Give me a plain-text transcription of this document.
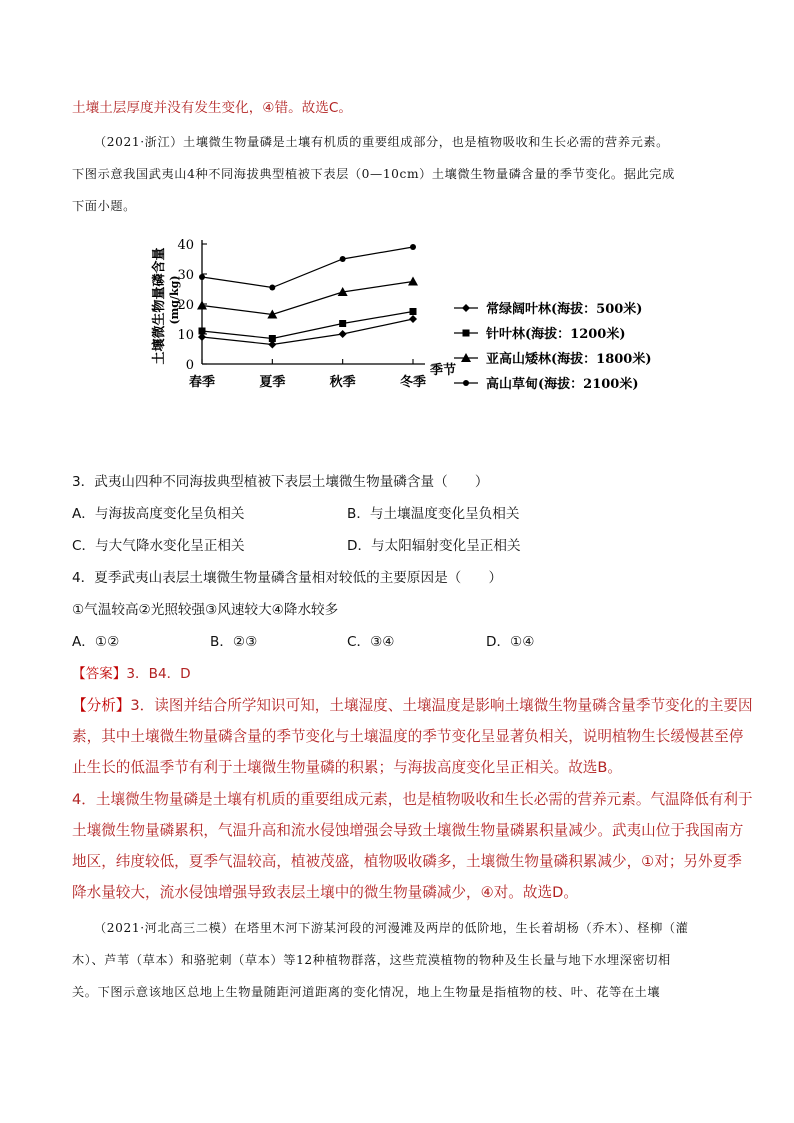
土壤土层厚度并没有发生变化，④错。故选C。
（2021·浙江）土壤微生物量磷是土壤有机质的重要组成部分，也是植物吸收和生长必需的营养元素。
下图示意我国武夷山4种不同海拔典型植被下表层（0—10cm）土壤微生物量磷含量的季节变化。据此完成
下面小题。
0
10
20
30
40
春季	夏季	秋季	冬季
季节
土壤微生物量磷含量 (mg/kg)	常绿阔叶林(海拔：500米)
针叶林(海拔：1200米)
亚高山矮林(海拔：1800米)
高山草甸(海拔：2100米)
3．武夷山四种不同海拔典型植被下表层土壤微生物量磷含量（　　）
A．与海拔高度变化呈负相关	B．与土壤温度变化呈负相关
C．与大气降水变化呈正相关	D．与太阳辐射变化呈正相关
4．夏季武夷山表层土壤微生物量磷含量相对较低的主要原因是（　　）
①气温较高②光照较强③风速较大④降水较多
A．①②	B．②③	C．③④	D．①④
【答案】3．B4．D
【分析】3．读图并结合所学知识可知，土壤湿度、土壤温度是影响土壤微生物量磷含量季节变化的主要因
素，其中土壤微生物量磷含量的季节变化与土壤温度的季节变化呈显著负相关，说明植物生长缓慢甚至停
止生长的低温季节有利于土壤微生物量磷的积累；与海拔高度变化呈正相关。故选B。
4．土壤微生物量磷是土壤有机质的重要组成元素，也是植物吸收和生长必需的营养元素。气温降低有利于
土壤微生物量磷累积，气温升高和流水侵蚀增强会导致土壤微生物量磷累积量减少。武夷山位于我国南方
地区，纬度较低，夏季气温较高，植被茂盛，植物吸收磷多，土壤微生物量磷积累减少，①对；另外夏季
降水量较大，流水侵蚀增强导致表层土壤中的微生物量磷减少，④对。故选D。
（2021·河北高三二模）在塔里木河下游某河段的河漫滩及两岸的低阶地，生长着胡杨（乔木）、柽柳（灌
木）、芦苇（草本）和骆驼刺（草本）等12种植物群落，这些荒漠植物的物种及生长量与地下水埋深密切相
关。下图示意该地区总地上生物量随距河道距离的变化情况，地上生物量是指植物的枝、叶、花等在土壤
